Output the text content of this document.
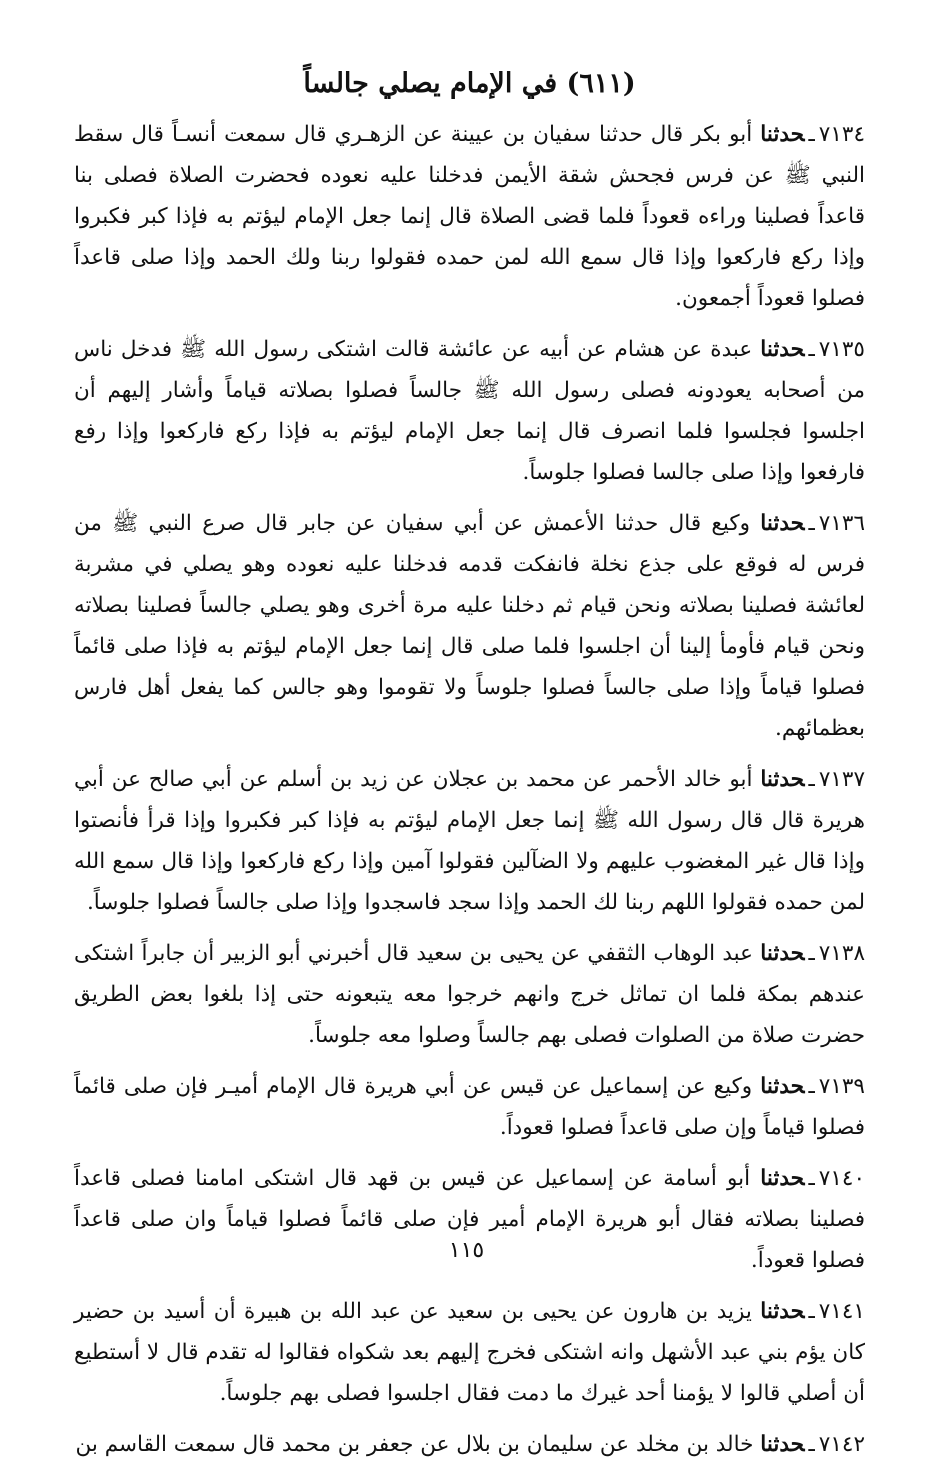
(٦١١) في الإمام يصلي جالساً

٧١٣٤ـحدثنا أبو بكر قال حدثنا سفيان بن عيينة عن الزهـري قال سمعت أنسـاً قال سقط النبي ﷺ عن فرس فجحش شقة الأيمن فدخلنا عليه نعوده فحضرت الصلاة فصلى بنا قاعداً فصلينا وراءه قعوداً فلما قضى الصلاة قال إنما جعل الإمام ليؤتم به فإذا كبر فكبروا وإذا ركع فاركعوا وإذا قال سمع الله لمن حمده فقولوا ربنا ولك الحمد وإذا صلى قاعداً فصلوا قعوداً أجمعون.

٧١٣٥ـحدثنا عبدة عن هشام عن أبيه عن عائشة قالت اشتكى رسول الله ﷺ فدخل ناس من أصحابه يعودونه فصلى رسول الله ﷺ جالساً فصلوا بصلاته قياماً وأشار إليهم أن اجلسوا فجلسوا فلما انصرف قال إنما جعل الإمام ليؤتم به فإذا ركع فاركعوا وإذا رفع فارفعوا وإذا صلى جالسا فصلوا جلوساً.

٧١٣٦ـحدثنا وكيع قال حدثنا الأعمش عن أبي سفيان عن جابر قال صرع النبي ﷺ من فرس له فوقع على جذع نخلة فانفكت قدمه فدخلنا عليه نعوده وهو يصلي في مشربة لعائشة فصلينا بصلاته ونحن قيام ثم دخلنا عليه مرة أخرى وهو يصلي جالساً فصلينا بصلاته ونحن قيام فأومأ إلينا أن اجلسوا فلما صلى قال إنما جعل الإمام ليؤتم به فإذا صلى قائماً فصلوا قياماً وإذا صلى جالساً فصلوا جلوساً ولا تقوموا وهو جالس كما يفعل أهل فارس بعظمائهم.

٧١٣٧ـحدثنا أبو خالد الأحمر عن محمد بن عجلان عن زيد بن أسلم عن أبي صالح عن أبي هريرة قال قال رسول الله ﷺ إنما جعل الإمام ليؤتم به فإذا كبر فكبروا وإذا قرأ فأنصتوا وإذا قال غير المغضوب عليهم ولا الضآلين فقولوا آمين وإذا ركع فاركعوا وإذا قال سمع الله لمن حمده فقولوا اللهم ربنا لك الحمد وإذا سجد فاسجدوا وإذا صلى جالساً فصلوا جلوساً.

٧١٣٨ـحدثنا عبد الوهاب الثقفي عن يحيى بن سعيد قال أخبرني أبو الزبير أن جابراً اشتكى عندهم بمكة فلما ان تماثل خرج وانهم خرجوا معه يتبعونه حتى إذا بلغوا بعض الطريق حضرت صلاة من الصلوات فصلى بهم جالساً وصلوا معه جلوساً.

٧١٣٩ـحدثنا وكيع عن إسماعيل عن قيس عن أبي هريرة قال الإمام أميـر فإن صلى قائماً فصلوا قياماً وإن صلى قاعداً فصلوا قعوداً.

٧١٤٠ـحدثنا أبو أسامة عن إسماعيل عن قيس بن قهد قال اشتكى امامنا فصلى قاعداً فصلينا بصلاته فقال أبو هريرة الإمام أمير فإن صلى قائماً فصلوا قياماً وان صلى قاعداً فصلوا قعوداً.

٧١٤١ـحدثنا يزيد بن هارون عن يحيى بن سعيد عن عبد الله بن هبيرة أن أسيد بن حضير كان يؤم بني عبد الأشهل وانه اشتكى فخرج إليهم بعد شكواه فقالوا له تقدم قال لا أستطيع أن أصلي قالوا لا يؤمنا أحد غيرك ما دمت فقال اجلسوا فصلى بهم جلوساً.

٧١٤٢ـحدثنا خالد بن مخلد عن سليمان بن بلال عن جعفر بن محمد قال سمعت القاسم بن

١١٥
